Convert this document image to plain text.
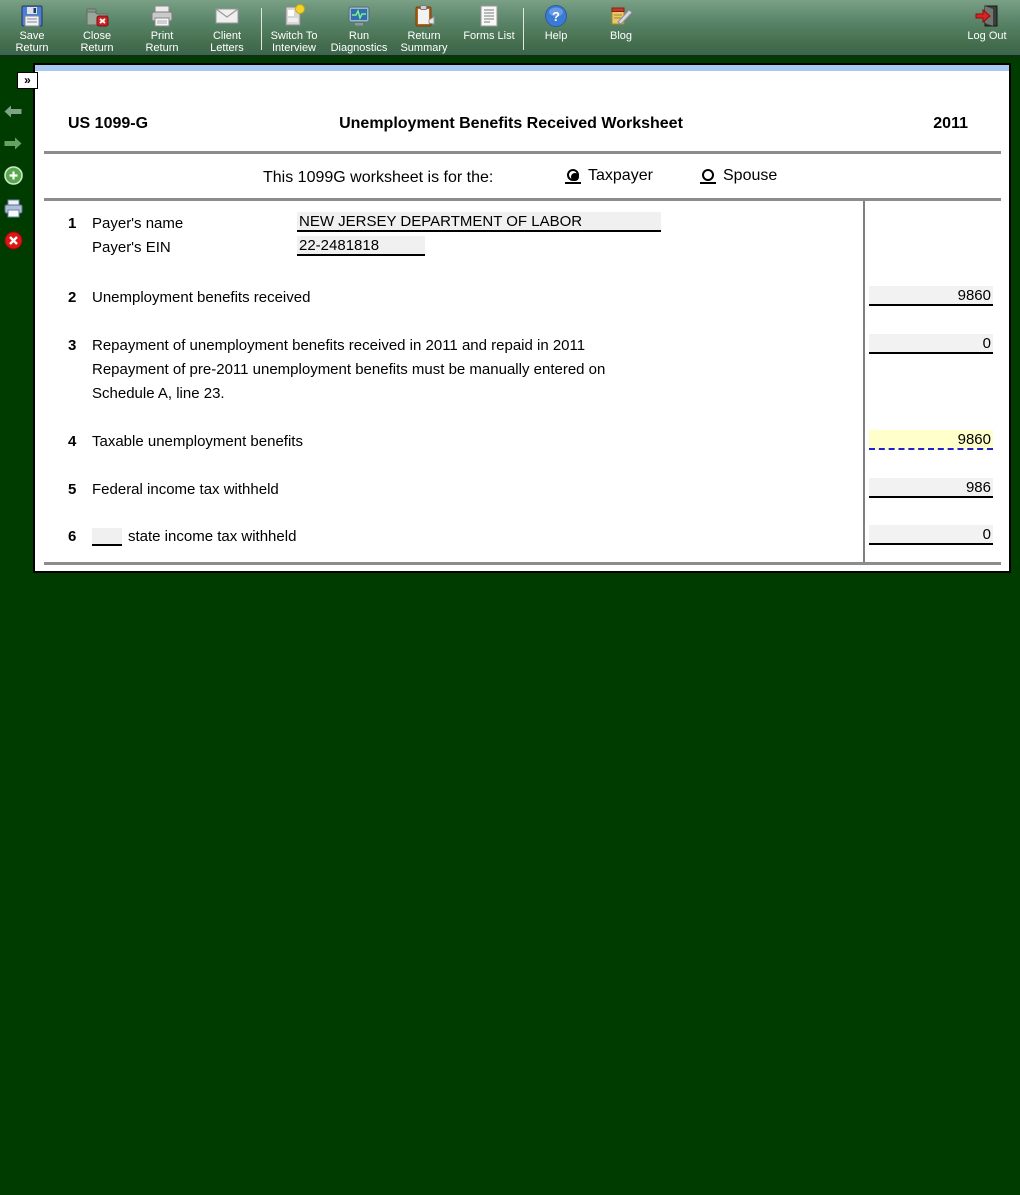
Save
Return
Close
Return
Print
Return
Client
Letters
Switch To
Interview
Run
Diagnostics
Return
Summary
Forms List
?
Help	Blog	Log Out
»
US 1099-G	Unemployment Benefits Received Worksheet	2011
This 1099G worksheet is for the:	Taxpayer	Spouse
1 Payer's name	NEW JERSEY DEPARTMENT OF LABOR
Payer's EIN	22-2481818
2 Unemployment benefits received	9860
3 Repayment of unemployment benefits received in 2011 and repaid in 2011	0
Repayment of pre-2011 unemployment benefits must be manually entered on
Schedule A, line 23.
4 Taxable unemployment benefits	9860
5 Federal income tax withheld	986
6	state income tax withheld	0
